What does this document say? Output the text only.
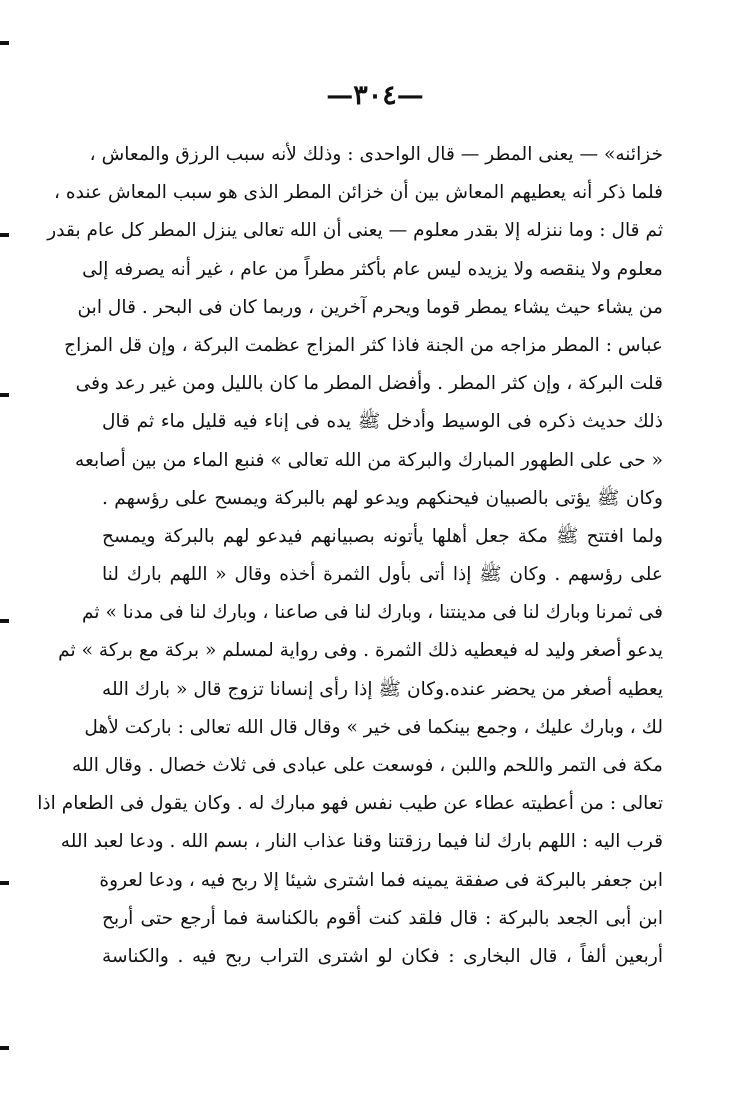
—٣٠٤—
خزائنه» — يعنى المطر — قال الواحدى : وذلك لأنه سبب الرزق والمعاش ،
فلما ذكر أنه يعطيهم المعاش بين أن خزائن المطر الذى هو سبب المعاش عنده ،
ثم قال : وما ننزله إلا بقدر معلوم — يعنى أن الله تعالى ينزل المطر كل عام بقدر
معلوم ولا ينقصه ولا يزيده ليس عام بأكثر مطراً من عام ، غير أنه يصرفه إلى
من يشاء حيث يشاء يمطر قوما ويحرم آخرين ، وربما كان فى البحر . قال ابن
عباس : المطر مزاجه من الجنة فاذا كثر المزاج عظمت البركة ، وإن قل المزاج
قلت البركة ، وإن كثر المطر . وأفضل المطر ما كان بالليل ومن غير رعد وفى
ذلك حديث ذكره فى الوسيط وأدخل ﷺ يده فى إناء فيه قليل ماء ثم قال
« حى على الطهور المبارك والبركة من الله تعالى » فنبع الماء من بين أصابعه
وكان ﷺ يؤتى بالصبيان فيحنكهم ويدعو لهم بالبركة ويمسح على رؤسهم .
ولما افتتح ﷺ مكة جعل أهلها يأتونه بصبيانهم فيدعو لهم بالبركة ويمسح
على رؤسهم . وكان ﷺ إذا أتى بأول الثمرة أخذه وقال « اللهم بارك لنا
فى ثمرنا وبارك لنا فى مدينتنا ، وبارك لنا فى صاعنا ، وبارك لنا فى مدنا » ثم
يدعو أصغر وليد له فيعطيه ذلك الثمرة . وفى رواية لمسلم « بركة مع بركة » ثم
يعطيه أصغر من يحضر عنده.وكان ﷺ إذا رأى إنسانا تزوج قال « بارك الله
لك ، وبارك عليك ، وجمع بينكما فى خير » وقال قال الله تعالى : باركت لأهل
مكة فى التمر واللحم واللبن ، فوسعت على عبادى فى ثلاث خصال . وقال الله
تعالى : من أعطيته عطاء عن طيب نفس فهو مبارك له . وكان يقول فى الطعام اذا
قرب اليه : اللهم بارك لنا فيما رزقتنا وقنا عذاب النار ، بسم الله . ودعا لعبد الله
ابن جعفر بالبركة فى صفقة يمينه فما اشترى شيئا إلا ربح فيه ، ودعا لعروة
ابن أبى الجعد بالبركة : قال فلقد كنت أقوم بالكناسة فما أرجع حتى أربح
أربعين ألفاً ، قال البخارى : فكان لو اشترى التراب ربح فيه . والكناسة
